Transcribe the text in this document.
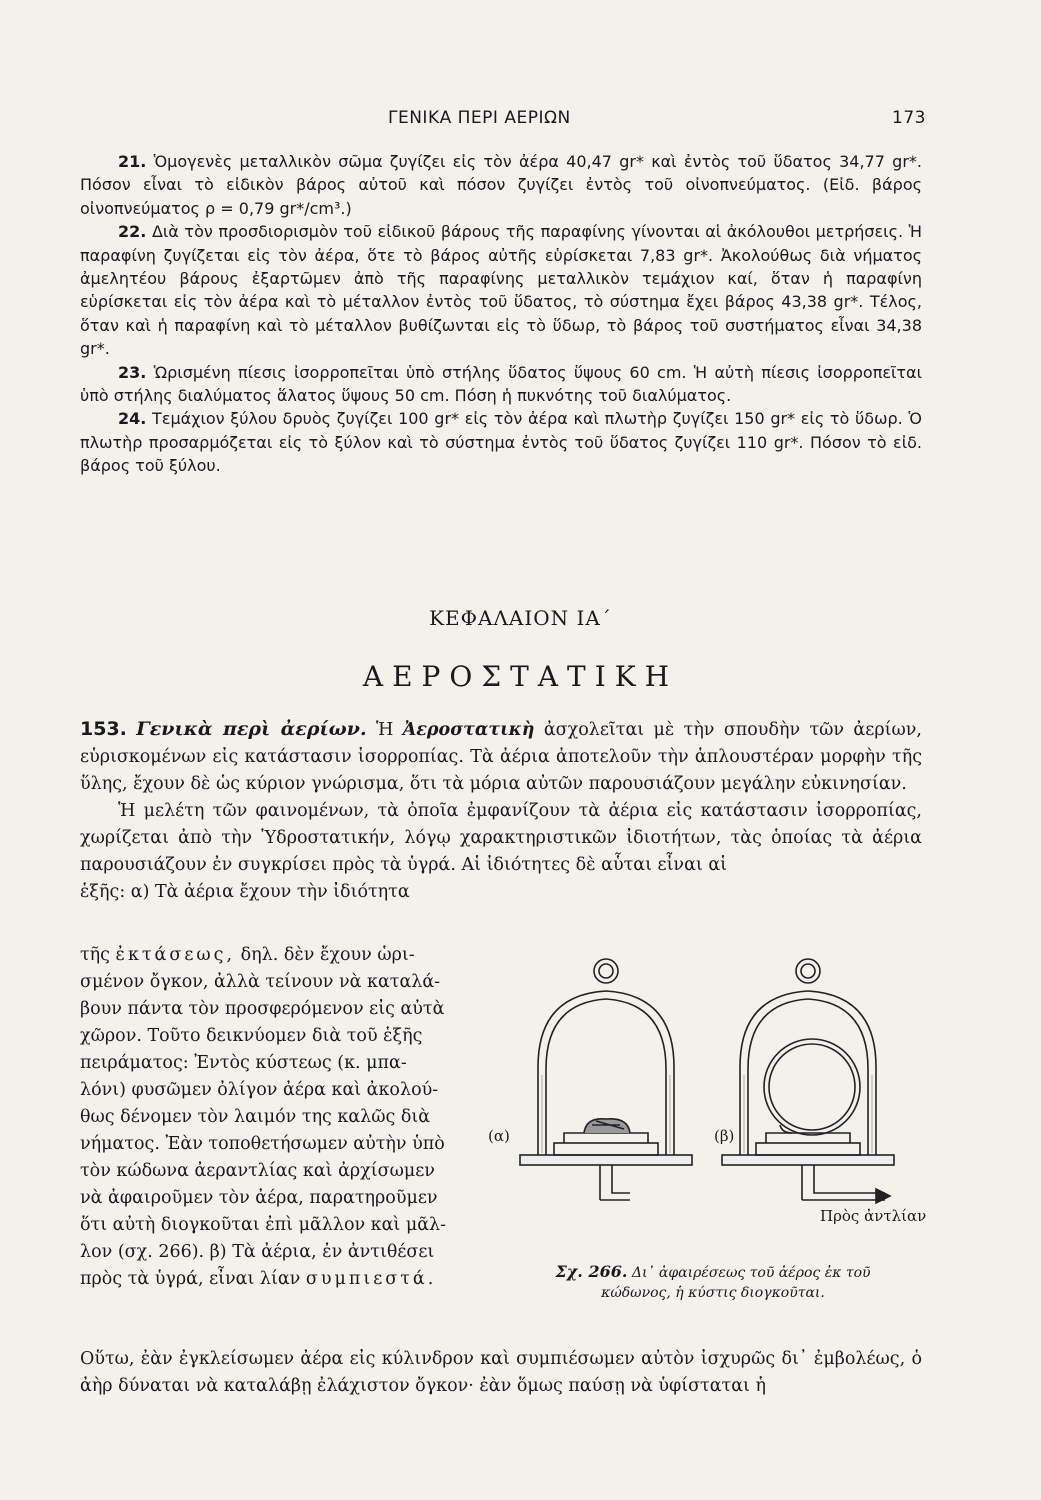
ΓΕΝΙΚΑ ΠΕΡΙ ΑΕΡΙΩΝ	173

21. Ὁμογενὲς μεταλλικὸν σῶμα ζυγίζει εἰς τὸν ἀέρα 40,47 gr* καὶ ἐντὸς τοῦ ὕδατος 34,77 gr*. Πόσον εἶναι τὸ εἰδικὸν βάρος αὐτοῦ καὶ πόσον ζυγίζει ἐντὸς τοῦ οἰνοπνεύματος. (Εἰδ. βάρος οἰνοπνεύματος ρ = 0,79 gr*/cm³.)

22. Διὰ τὸν προσδιορισμὸν τοῦ εἰδικοῦ βάρους τῆς παραφίνης γίνονται αἱ ἀκόλουθοι μετρήσεις. Ἡ παραφίνη ζυγίζεται εἰς τὸν ἀέρα, ὅτε τὸ βάρος αὐτῆς εὑρίσκεται 7,83 gr*. Ἀκολούθως διὰ νήματος ἀμελητέου βάρους ἐξαρτῶμεν ἀπὸ τῆς παραφίνης μεταλλικὸν τεμάχιον καί, ὅταν ἡ παραφίνη εὑρίσκεται εἰς τὸν ἀέρα καὶ τὸ μέταλλον ἐντὸς τοῦ ὕδατος, τὸ σύστημα ἔχει βάρος 43,38 gr*. Τέλος, ὅταν καὶ ἡ παραφίνη καὶ τὸ μέταλλον βυθίζωνται εἰς τὸ ὕδωρ, τὸ βάρος τοῦ συστήματος εἶναι 34,38 gr*.

23. Ὡρισμένη πίεσις ἰσορροπεῖται ὑπὸ στήλης ὕδατος ὕψους 60 cm. Ἡ αὐτὴ πίεσις ἰσορροπεῖται ὑπὸ στήλης διαλύματος ἅλατος ὕψους 50 cm. Πόση ἡ πυκνότης τοῦ διαλύματος.

24. Τεμάχιον ξύλου δρυὸς ζυγίζει 100 gr* εἰς τὸν ἀέρα καὶ πλωτὴρ ζυγίζει 150 gr* εἰς τὸ ὕδωρ. Ὁ πλωτὴρ προσαρμόζεται εἰς τὸ ξύλον καὶ τὸ σύστημα ἐντὸς τοῦ ὕδατος ζυγίζει 110 gr*. Πόσον τὸ εἰδ. βάρος τοῦ ξύλου.

ΚΕΦΑΛΑΙΟΝ ΙΑ΄
ΑΕΡΟΣΤΑΤΙΚΗ

153. Γενικὰ περὶ ἀερίων. Ἡ Ἀεροστατικὴ ἀσχολεῖται μὲ τὴν σπουδὴν τῶν ἀερίων, εὑρισκομένων εἰς κατάστασιν ἰσορροπίας. Τὰ ἀέρια ἀποτελοῦν τὴν ἁπλουστέραν μορφὴν τῆς ὕλης, ἔχουν δὲ ὡς κύριον γνώρισμα, ὅτι τὰ μόρια αὐτῶν παρουσιάζουν μεγάλην εὐκινησίαν.

Ἡ μελέτη τῶν φαινομένων, τὰ ὁποῖα ἐμφανίζουν τὰ ἀέρια εἰς κατάστασιν ἰσορροπίας, χωρίζεται ἀπὸ τὴν Ὑδροστατικήν, λόγῳ χαρακτηριστικῶν ἰδιοτήτων, τὰς ὁποίας τὰ ἀέρια παρουσιάζουν ἐν συγκρίσει πρὸς τὰ ὑγρά. Αἱ ἰδιότητες δὲ αὗται εἶναι αἱ

ἑξῆς: α) Τὰ ἀέρια ἔχουν τὴν ἰδιότητα

τῆς ἐκτάσεως, δηλ. δὲν ἔχουν ὡρι-
σμένον ὄγκον, ἀλλὰ τείνουν νὰ καταλά-
βουν πάντα τὸν προσφερόμενον εἰς αὐτὰ
χῶρον. Τοῦτο δεικνύομεν διὰ τοῦ ἑξῆς
πειράματος: Ἐντὸς κύστεως (κ. μπα-
λόνι) φυσῶμεν ὀλίγον ἀέρα καὶ ἀκολού-
θως δένομεν τὸν λαιμόν της καλῶς διὰ
νήματος. Ἐὰν τοποθετήσωμεν αὐτὴν ὑπὸ
τὸν κώδωνα ἀεραντλίας καὶ ἀρχίσωμεν
νὰ ἀφαιροῦμεν τὸν ἀέρα, παρατηροῦμεν
ὅτι αὐτὴ διογκοῦται ἐπὶ μᾶλλον καὶ μᾶλ-
λον (σχ. 266). β) Τὰ ἀέρια, ἐν ἀντιθέσει
πρὸς τὰ ὑγρά, εἶναι λίαν συμπιεστά.
(α)	(β)
Πρὸς ἀντλίαν
Σχ. 266. Δι᾿ ἀφαιρέσεως τοῦ ἀέρος ἐκ τοῦ κώδωνος, ἡ κύστις διογκοῦται.

Οὕτω, ἐὰν ἐγκλείσωμεν ἀέρα εἰς κύλινδρον καὶ συμπιέσωμεν αὐτὸν ἰσχυρῶς δι᾿ ἐμβολέως, ὁ ἀὴρ δύναται νὰ καταλάβῃ ἐλάχιστον ὄγκον· ἐὰν ὅμως παύσῃ νὰ ὑφίσταται ἡ
